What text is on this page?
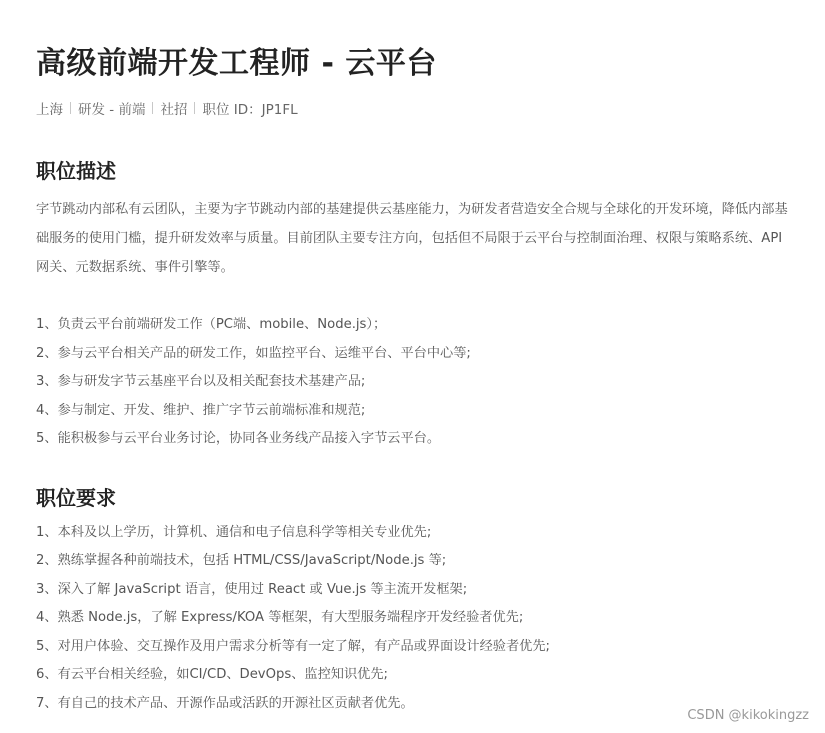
高级前端开发工程师 - 云平台
上海 研发 - 前端 社招 职位 ID：JP1FL
职位描述
字节跳动内部私有云团队，主要为字节跳动内部的基建提供云基座能力，为研发者营造安全合规与全球化的开发环境，降低内部基础服务的使用门槛，提升研发效率与质量。目前团队主要专注方向，包括但不局限于云平台与控制面治理、权限与策略系统、API 网关、元数据系统、事件引擎等。
1、负责云平台前端研发工作（PC端、mobile、Node.js）；
2、参与云平台相关产品的研发工作，如监控平台、运维平台、平台中心等;
3、参与研发字节云基座平台以及相关配套技术基建产品;
4、参与制定、开发、维护、推广字节云前端标准和规范;
5、能积极参与云平台业务讨论，协同各业务线产品接入字节云平台。
职位要求
1、本科及以上学历，计算机、通信和电子信息科学等相关专业优先;
2、熟练掌握各种前端技术，包括 HTML/CSS/JavaScript/Node.js 等;
3、深入了解 JavaScript 语言，使用过 React 或 Vue.js 等主流开发框架;
4、熟悉 Node.js，了解 Express/KOA 等框架，有大型服务端程序开发经验者优先;
5、对用户体验、交互操作及用户需求分析等有一定了解，有产品或界面设计经验者优先;
6、有云平台相关经验，如CI/CD、DevOps、监控知识优先;
7、有自己的技术产品、开源作品或活跃的开源社区贡献者优先。
CSDN @kikokingzz
